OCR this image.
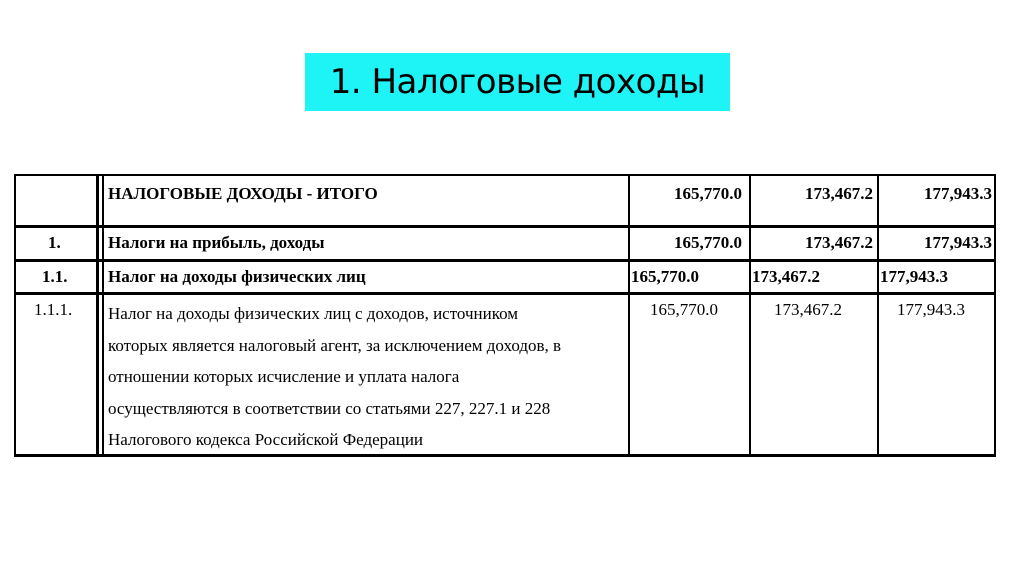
1. Налоговые доходы
НАЛОГОВЫЕ ДОХОДЫ - ИТОГО	165,770.0	173,467.2	177,943.3
1.	Налоги на прибыль, доходы	165,770.0	173,467.2	177,943.3
1.1. Налог на доходы физических лиц	165,770.0	173,467.2	177,943.3
1.1.1. Налог на доходы физических лиц с доходов, источником
которых является налоговый агент, за исключением доходов, в
отношении которых исчисление и уплата налога
осуществляются в соответствии со статьями 227, 227.1 и 228
Налогового кодекса Российской Федерации
165,770.0	173,467.2	177,943.3
